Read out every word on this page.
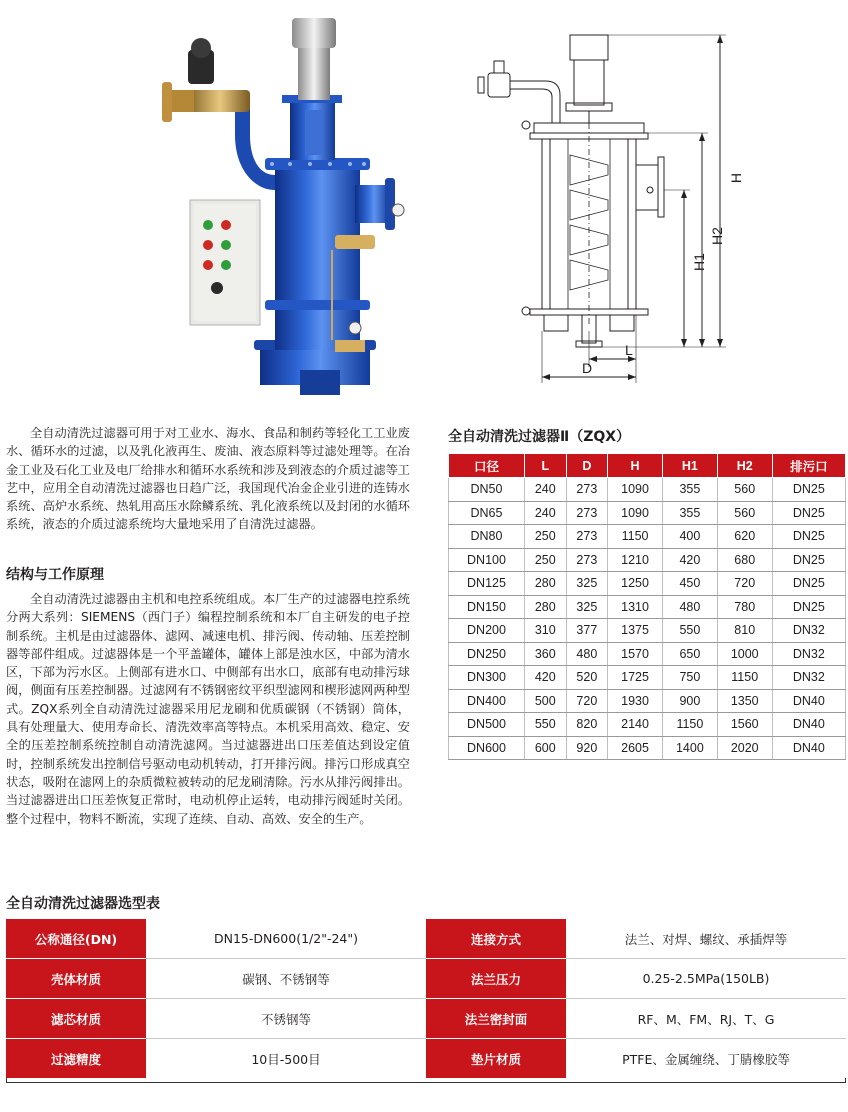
H
H2
H1
L
D

全自动清洗过滤器可用于对工业水、海水、食品和制药等轻化工工业废水、循环水的过滤，以及乳化液再生、废油、液态原料等过滤处理等。在冶金工业及石化工业及电厂给排水和循环水系统和涉及到液态的介质过滤等工艺中，应用全自动清洗过滤器也日趋广泛，我国现代冶金企业引进的连铸水系统、高炉水系统、热轧用高压水除鳞系统、乳化液系统以及封闭的水循环系统，液态的介质过滤系统均大量地采用了自清洗过滤器。

结构与工作原理

全自动清洗过滤器由主机和电控系统组成。本厂生产的过滤器电控系统分两大系列：SIEMENS（西门子）编程控制系统和本厂自主研发的电子控制系统。主机是由过滤器体、滤网、减速电机、排污阀、传动轴、压差控制器等部件组成。过滤器体是一个平盖罐体，罐体上部是浊水区，中部为清水区，下部为污水区。上侧部有进水口、中侧部有出水口，底部有电动排污球阀，侧面有压差控制器。过滤网有不锈钢密纹平织型滤网和楔形滤网两种型式。ZQX系列全自动清洗过滤器采用尼龙刷和优质碳钢（不锈钢）筒体，具有处理量大、使用寿命长、清洗效率高等特点。本机采用高效、稳定、安全的压差控制系统控制自动清洗滤网。当过滤器进出口压差值达到设定值时，控制系统发出控制信号驱动电动机转动，打开排污阀。排污口形成真空状态，吸附在滤网上的杂质微粒被转动的尼龙刷清除。污水从排污阀排出。当过滤器进出口压差恢复正常时，电动机停止运转，电动排污阀延时关闭。整个过程中，物料不断流，实现了连续、自动、高效、安全的生产。

全自动清洗过滤器Ⅱ（ZQX）

口径	L	D	H	H1	H2	排污口
DN50	240	273	1090	355	560	DN25
DN65	240	273	1090	355	560	DN25
DN80	250	273	1150	400	620	DN25
DN100	250	273	1210	420	680	DN25
DN125	280	325	1250	450	720	DN25
DN150	280	325	1310	480	780	DN25
DN200	310	377	1375	550	810	DN32
DN250	360	480	1570	650	1000	DN32
DN300	420	520	1725	750	1150	DN32
DN400	500	720	1930	900	1350	DN40
DN500	550	820	2140	1150	1560	DN40
DN600	600	920	2605	1400	2020	DN40

全自动清洗过滤器选型表

公称通径(DN)	DN15-DN600(1/2"-24")	连接方式	法兰、对焊、螺纹、承插焊等
壳体材质	碳钢、不锈钢等	法兰压力	0.25-2.5MPa(150LB)
滤芯材质	不锈钢等	法兰密封面	RF、M、FM、RJ、T、G
过滤精度	10目-500目	垫片材质	PTFE、金属缠绕、丁腈橡胶等
